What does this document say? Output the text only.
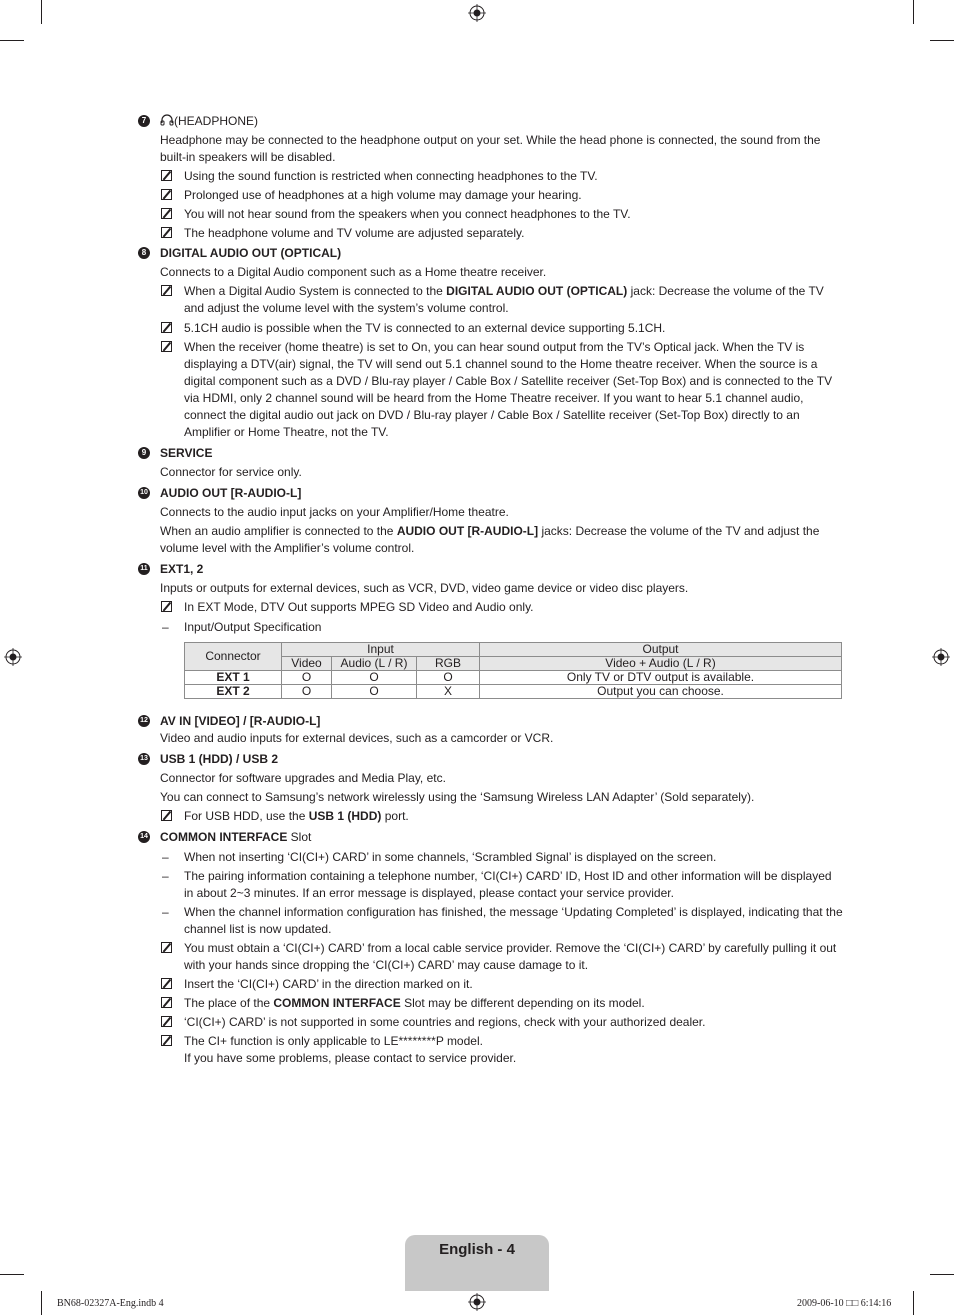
7	(HEADPHONE)
Headphone may be connected to the headphone output on your set. While the head phone is connected, the sound from the built-in speakers will be disabled.
Using the sound function is restricted when connecting headphones to the TV.
Prolonged use of headphones at a high volume may damage your hearing.
You will not hear sound from the speakers when you connect headphones to the TV.
The headphone volume and TV volume are adjusted separately.
8	DIGITAL AUDIO OUT (OPTICAL)
Connects to a Digital Audio component such as a Home theatre receiver.
When a Digital Audio System is connected to the DIGITAL AUDIO OUT (OPTICAL) jack: Decrease the volume of the TV and adjust the volume level with the system’s volume control.
5.1CH audio is possible when the TV is connected to an external device supporting 5.1CH.
When the receiver (home theatre) is set to On, you can hear sound output from the TV’s Optical jack. When the TV is displaying a DTV(air) signal, the TV will send out 5.1 channel sound to the Home theatre receiver. When the source is a digital component such as a DVD / Blu-ray player / Cable Box / Satellite receiver (Set-Top Box) and is connected to the TV via HDMI, only 2 channel sound will be heard from the Home Theatre receiver. If you want to hear 5.1 channel audio, connect the digital audio out jack on DVD / Blu-ray player / Cable Box / Satellite receiver (Set-Top Box) directly to an Amplifier or Home Theatre, not the TV.
9	SERVICE
Connector for service only.
10 AUDIO OUT [R-AUDIO-L]
Connects to the audio input jacks on your Amplifier/Home theatre.
When an audio amplifier is connected to the AUDIO OUT [R-AUDIO-L] jacks: Decrease the volume of the TV and adjust the volume level with the Amplifier’s volume control.
11 EXT1, 2
Inputs or outputs for external devices, such as VCR, DVD, video game device or video disc players.
In EXT Mode, DTV Out supports MPEG SD Video and Audio only.
– Input/Output Specification
Connector	Input			Output
	Video	Audio (L / R)	RGB	Video + Audio (L / R)
EXT 1	O	O	O	Only TV or DTV output is available.
EXT 2	O	O	X	Output you can choose.
12 AV IN [VIDEO] / [R-AUDIO-L]
Video and audio inputs for external devices, such as a camcorder or VCR.
13 USB 1 (HDD) / USB 2
Connector for software upgrades and Media Play, etc.
You can connect to Samsung’s network wirelessly using the ‘Samsung Wireless LAN Adapter’ (Sold separately).
For USB HDD, use the USB 1 (HDD) port.
14 COMMON INTERFACE Slot
– When not inserting ‘CI(CI+) CARD’ in some channels, ‘Scrambled Signal’ is displayed on the screen.
– The pairing information containing a telephone number, ‘CI(CI+) CARD’ ID, Host ID and other information will be displayed in about 2~3 minutes. If an error message is displayed, please contact your service provider.
– When the channel information configuration has finished, the message ‘Updating Completed’ is displayed, indicating that the channel list is now updated.
You must obtain a ‘CI(CI+) CARD’ from a local cable service provider. Remove the ‘CI(CI+) CARD’ by carefully pulling it out with your hands since dropping the ‘CI(CI+) CARD’ may cause damage to it.
Insert the ‘CI(CI+) CARD’ in the direction marked on it.
The place of the COMMON INTERFACE Slot may be different depending on its model.
‘CI(CI+) CARD’ is not supported in some countries and regions, check with your authorized dealer.
The CI+ function is only applicable to LE********P model.
If you have some problems, please contact to service provider.
English - 4
BN68-02327A-Eng.indb 4	2009-06-10 □□ 6:14:16
